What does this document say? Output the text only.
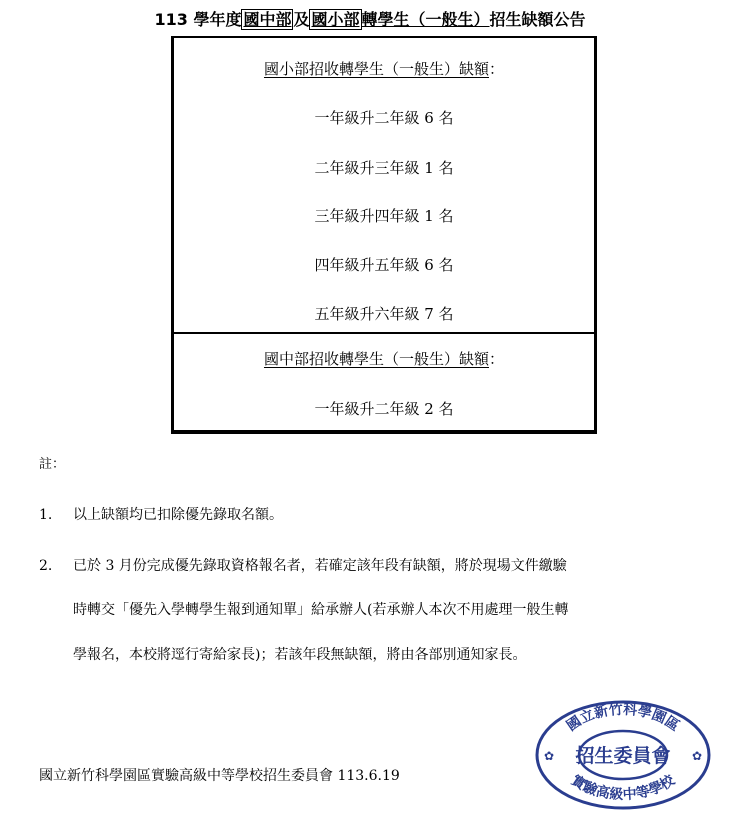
113 學年度 國中部 及 國小部 轉學生（一般生）招生缺額公告
國小部招收轉學生（一般生）缺額：
一年級升二年級 6 名
二年級升三年級 1 名
三年級升四年級 1 名
四年級升五年級 6 名
五年級升六年級 7 名
國中部招收轉學生（一般生）缺額：
一年級升二年級 2 名
註：
1. 以上缺額均已扣除優先錄取名額。
2. 已於 3 月份完成優先錄取資格報名者，若確定該年段有缺額，將於現場文件繳驗
時轉交「優先入學轉學生報到通知單」給承辦人(若承辦人本次不用處理一般生轉
學報名，本校將逕行寄給家長)；若該年段無缺額，將由各部別通知家長。
國立新竹科學園區實驗高級中等學校招生委員會 113.6.19
國立新竹科學園區
實驗高級中等學校
招生委員會
✿	✿
